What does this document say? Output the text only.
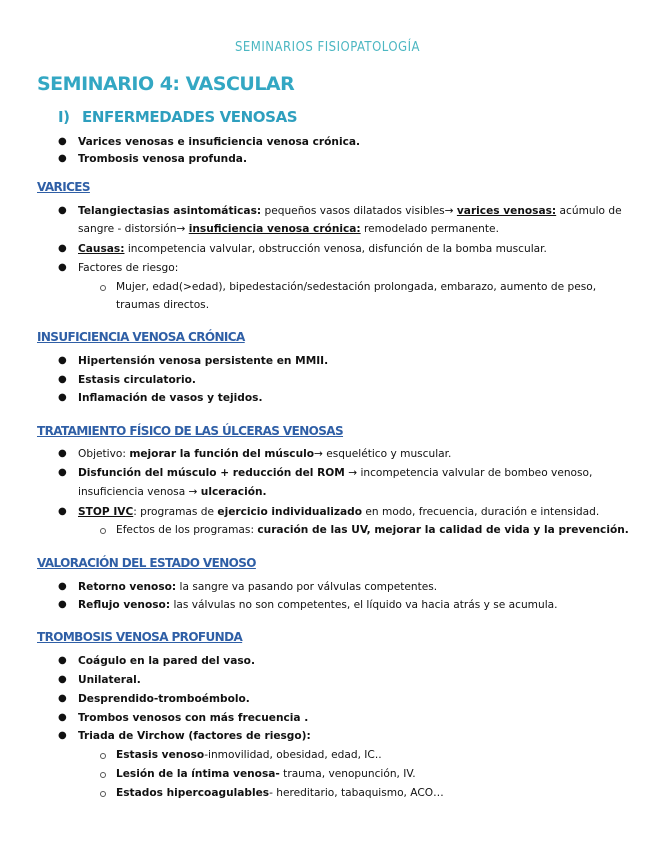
SEMINARIOS FISIOPATOLOGÍA
SEMINARIO 4: VASCULAR
I) ENFERMEDADES VENOSAS
● Varices venosas e insuficiencia venosa crónica.
● Trombosis venosa profunda.
VARICES
● Telangiectasias asintomáticas: pequeños vasos dilatados visibles→ varices venosas: acúmulo de
sangre - distorsión→ insuficiencia venosa crónica: remodelado permanente.
● Causas: incompetencia valvular, obstrucción venosa, disfunción de la bomba muscular.
● Factores de riesgo:
Mujer, edad(>edad), bipedestación/sedestación prolongada, embarazo, aumento de peso,
traumas directos.
INSUFICIENCIA VENOSA CRÓNICA
● Hipertensión venosa persistente en MMII.
● Estasis circulatorio.
● Inflamación de vasos y tejidos.
TRATAMIENTO FÍSICO DE LAS ÚLCERAS VENOSAS
● Objetivo: mejorar la función del músculo→ esquelético y muscular.
● Disfunción del músculo + reducción del ROM → incompetencia valvular de bombeo venoso,
insuficiencia venosa → ulceración.
● STOP IVC: programas de ejercicio individualizado en modo, frecuencia, duración e intensidad.
Efectos de los programas: curación de las UV, mejorar la calidad de vida y la prevención.
VALORACIÓN DEL ESTADO VENOSO
● Retorno venoso: la sangre va pasando por válvulas competentes.
● Reflujo venoso: las válvulas no son competentes, el líquido va hacia atrás y se acumula.
TROMBOSIS VENOSA PROFUNDA
● Coágulo en la pared del vaso.
● Unilateral.
● Desprendido-tromboémbolo.
● Trombos venosos con más frecuencia .
● Triada de Virchow (factores de riesgo):
Estasis venoso-inmovilidad, obesidad, edad, IC..
Lesión de la íntima venosa- trauma, venopunción, IV.
Estados hipercoagulables- hereditario, tabaquismo, ACO…
